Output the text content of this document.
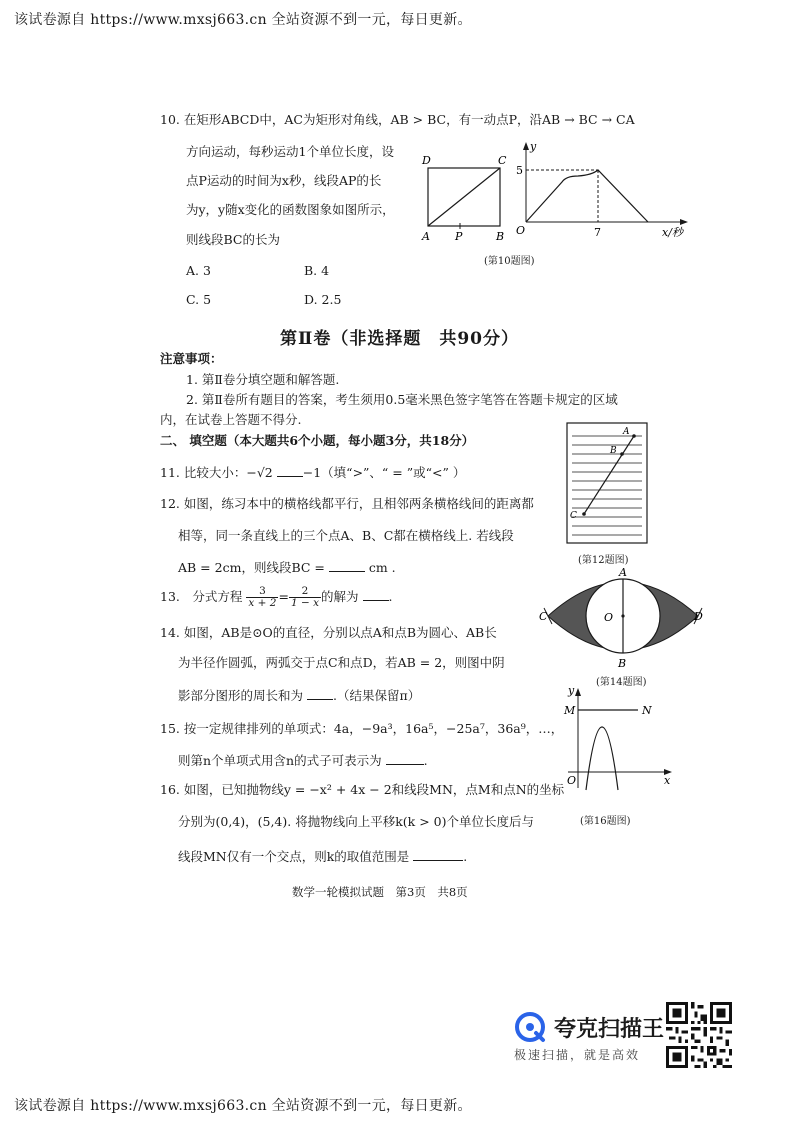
该试卷源自 https://www.mxsj663.cn 全站资源不到一元，每日更新。
10. 在矩形ABCD中，AC为矩形对角线，AB > BC，有一动点P，沿AB → BC → CA
方向运动，每秒运动1个单位长度，设
点P运动的时间为x秒，线段AP的长
为y，y随x变化的函数图象如图所示，
则线段BC的长为
A. 3	B. 4
C. 5	D. 2.5
D	C
A P	B
y
5
O	7	x/秒
(第10题图)
第Ⅱ卷（非选择题　共90分）
注意事项：
1. 第Ⅱ卷分填空题和解答题.
2. 第Ⅱ卷所有题目的答案，考生须用0.5毫米黑色签字笔答在答题卡规定的区域
内，在试卷上答题不得分.
二、 填空题（本大题共6个小题，每小题3分，共18分）
11. 比较大小：−√2 −1（填“>”、“ = ”或“<” ）
A
B
C
12. 如图，练习本中的横格线都平行，且相邻两条横格线间的距离都
相等，同一条直线上的三个点A、B、C都在横格线上. 若线段
AB = 2cm，则线段BC =	cm .	(第12题图)
13.　分式方程 $\frac{3}{x + 2} = \frac{2}{1 - x}$ 的解为 .
A
B
C	D
O
14. 如图，AB是⊙O的直径，分别以点A和点B为圆心、AB长
为半径作圆弧，两弧交于点C和点D，若AB = 2，则图中阴
影部分图形的周长和为 .（结果保留π）
(第14题图)
y
M	N
O	x
(第16题图)
15. 按一定规律排列的单项式：4a，−9a³，16a⁵，−25a⁷，36a⁹，…，
则第n个单项式用含n的式子可表示为	.
16. 如图，已知抛物线y = −x² + 4x − 2和线段MN，点M和点N的坐标
分别为(0,4)，(5,4). 将抛物线向上平移k(k > 0)个单位长度后与
线段MN仅有一个交点，则k的取值范围是	.
数学一轮模拟试题　第3页　共8页
夸克扫描王
极速扫描，就是高效
该试卷源自 https://www.mxsj663.cn 全站资源不到一元，每日更新。
